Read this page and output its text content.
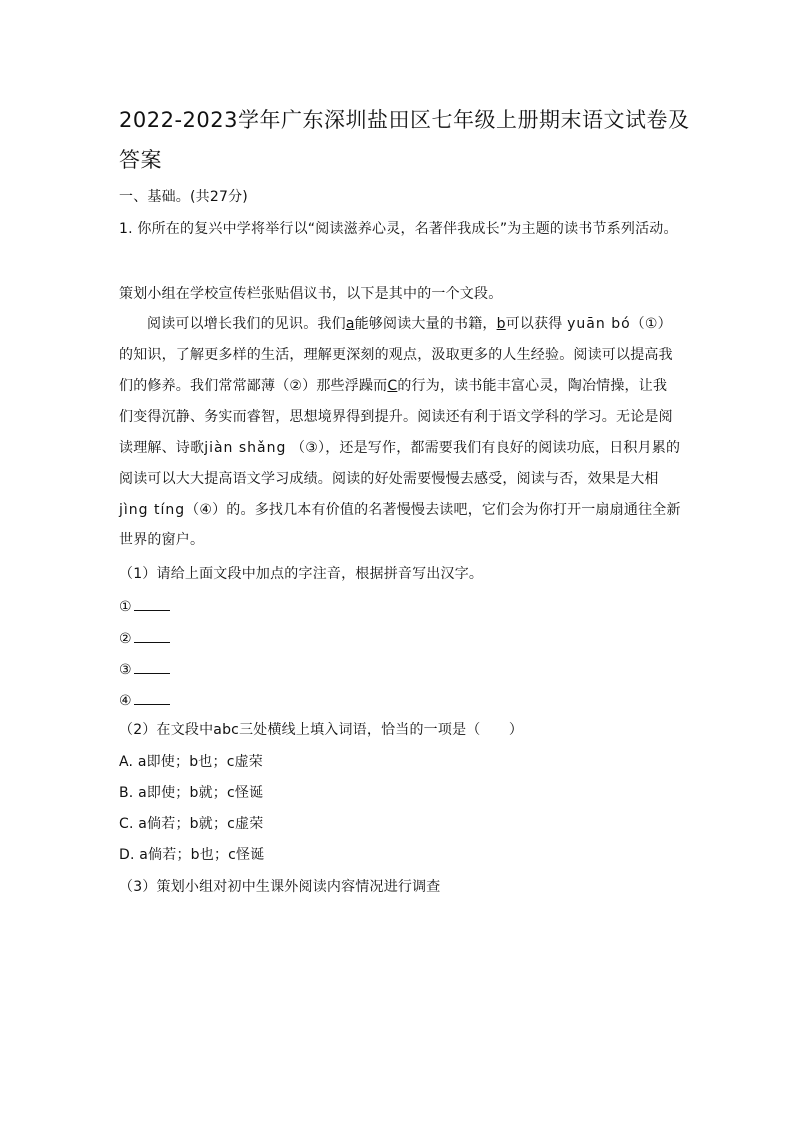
2022-2023学年广东深圳盐田区七年级上册期末语文试卷及
答案
一、基础。(共27分)
1. 你所在的复兴中学将举行以“阅读滋养心灵，名著伴我成长”为主题的读书节系列活动。
策划小组在学校宣传栏张贴倡议书，以下是其中的一个文段。
阅读可以增长我们的见识。我们a能够阅读大量的书籍，b可以获得 yuān bó（①）
的知识，了解更多样的生活，理解更深刻的观点，汲取更多的人生经验。阅读可以提高我
们的修养。我们常常鄙薄（②）那些浮躁而C的行为，读书能丰富心灵，陶冶情操，让我
们变得沉静、务实而睿智，思想境界得到提升。阅读还有利于语文学科的学习。无论是阅
读理解、诗歌jiàn shǎng （③），还是写作，都需要我们有良好的阅读功底，日积月累的
阅读可以大大提高语文学习成绩。阅读的好处需要慢慢去感受，阅读与否，效果是大相
jìng tíng（④）的。多找几本有价值的名著慢慢去读吧，它们会为你打开一扇扇通往全新
世界的窗户。
（1）请给上面文段中加点的字注音，根据拼音写出汉字。
①
②
③
④
（2）在文段中abc三处横线上填入词语，恰当的一项是（　　）
A. a即使；b也；c虚荣
B. a即使；b就；c怪诞
C. a倘若；b就；c虚荣
D. a倘若；b也；c怪诞
（3）策划小组对初中生课外阅读内容情况进行调查
